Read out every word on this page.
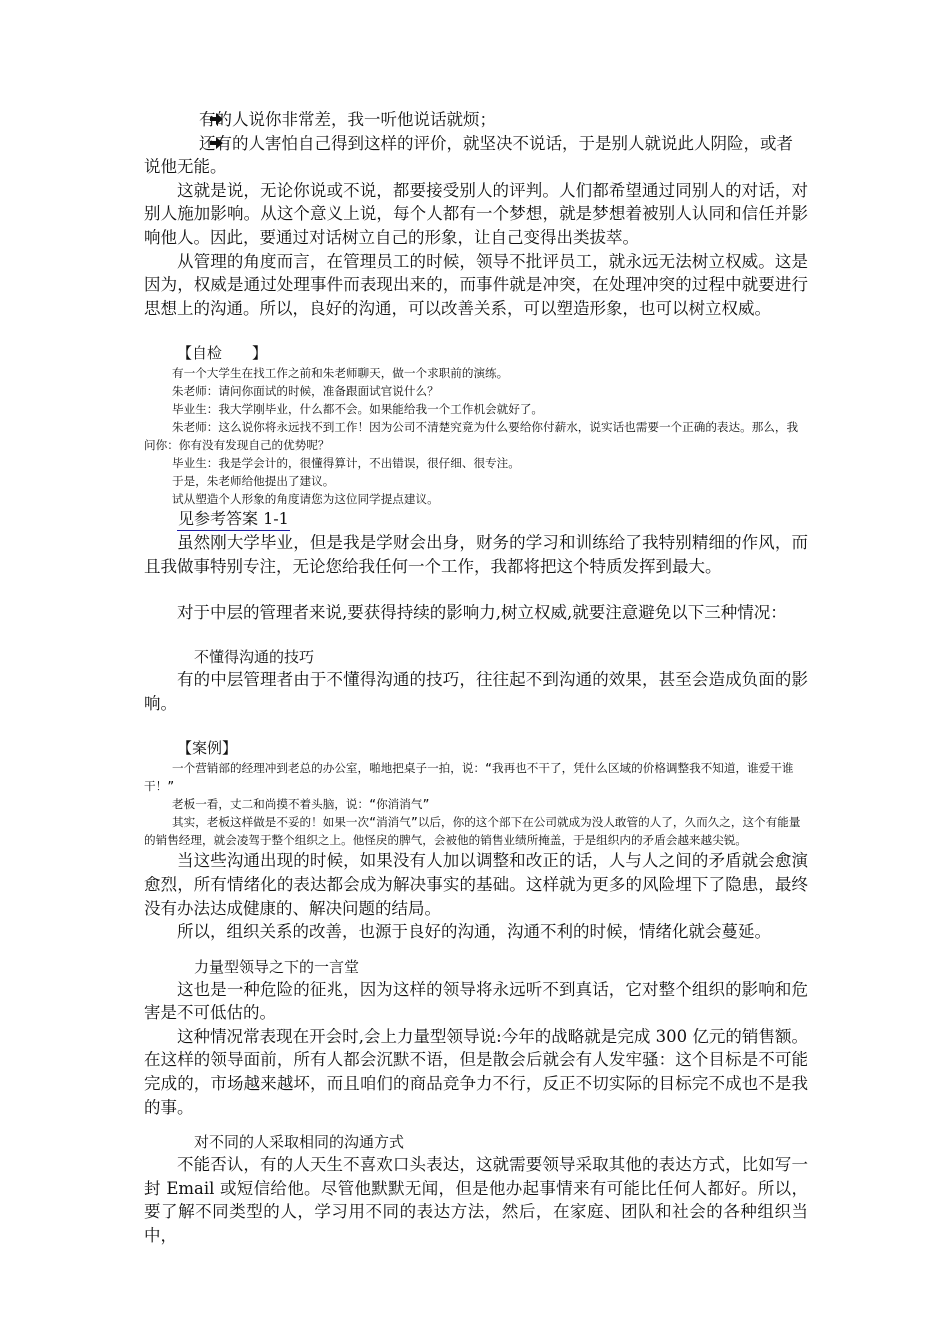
有的人说你非常差，我一听他说话就烦；

还有的人害怕自己得到这样的评价，就坚决不说话，于是别人就说此人阴险，或者说他无能。

这就是说，无论你说或不说，都要接受别人的评判。人们都希望通过同别人的对话，对别人施加影响。从这个意义上说，每个人都有一个梦想，就是梦想着被别人认同和信任并影响他人。因此，要通过对话树立自己的形象，让自己变得出类拔萃。

从管理的角度而言，在管理员工的时候，领导不批评员工，就永远无法树立权威。这是因为，权威是通过处理事件而表现出来的，而事件就是冲突，在处理冲突的过程中就要进行思想上的沟通。所以，良好的沟通，可以改善关系，可以塑造形象，也可以树立权威。

【自检　　】

有一个大学生在找工作之前和朱老师聊天，做一个求职前的演练。

朱老师：请问你面试的时候，准备跟面试官说什么？

毕业生：我大学刚毕业，什么都不会。如果能给我一个工作机会就好了。

朱老师：这么说你将永远找不到工作！因为公司不清楚究竟为什么要给你付薪水，说实话也需要一个正确的表达。那么，我问你：你有没有发现自己的优势呢？

毕业生：我是学会计的，很懂得算计，不出错误，很仔细、很专注。

于是，朱老师给他提出了建议。

试从塑造个人形象的角度请您为这位同学提点建议。

见参考答案 1-1

虽然刚大学毕业，但是我是学财会出身，财务的学习和训练给了我特别精细的作风，而且我做事特别专注，无论您给我任何一个工作，我都将把这个特质发挥到最大。

对于中层的管理者来说,要获得持续的影响力,树立权威,就要注意避免以下三种情况：

不懂得沟通的技巧

有的中层管理者由于不懂得沟通的技巧，往往起不到沟通的效果，甚至会造成负面的影响。

【案例】

一个营销部的经理冲到老总的办公室，啪地把桌子一拍，说：“我再也不干了，凭什么区域的价格调整我不知道，谁爱干谁干！”

老板一看，丈二和尚摸不着头脑，说：“你消消气”

其实，老板这样做是不妥的！如果一次“消消气”以后，你的这个部下在公司就成为没人敢管的人了，久而久之，这个有能量的销售经理，就会凌驾于整个组织之上。他怪戾的脾气，会被他的销售业绩所掩盖，于是组织内的矛盾会越来越尖锐。

当这些沟通出现的时候，如果没有人加以调整和改正的话，人与人之间的矛盾就会愈演愈烈，所有情绪化的表达都会成为解决事实的基础。这样就为更多的风险埋下了隐患，最终没有办法达成健康的、解决问题的结局。

所以，组织关系的改善，也源于良好的沟通，沟通不利的时候，情绪化就会蔓延。

力量型领导之下的一言堂

这也是一种危险的征兆，因为这样的领导将永远听不到真话，它对整个组织的影响和危害是不可低估的。

这种情况常表现在开会时,会上力量型领导说:今年的战略就是完成 300 亿元的销售额。在这样的领导面前，所有人都会沉默不语，但是散会后就会有人发牢骚：这个目标是不可能完成的，市场越来越坏，而且咱们的商品竞争力不行，反正不切实际的目标完不成也不是我的事。

对不同的人采取相同的沟通方式

不能否认，有的人天生不喜欢口头表达，这就需要领导采取其他的表达方式，比如写一封 Email 或短信给他。尽管他默默无闻，但是他办起事情来有可能比任何人都好。所以，要了解不同类型的人，学习用不同的表达方法，然后，在家庭、团队和社会的各种组织当中，
